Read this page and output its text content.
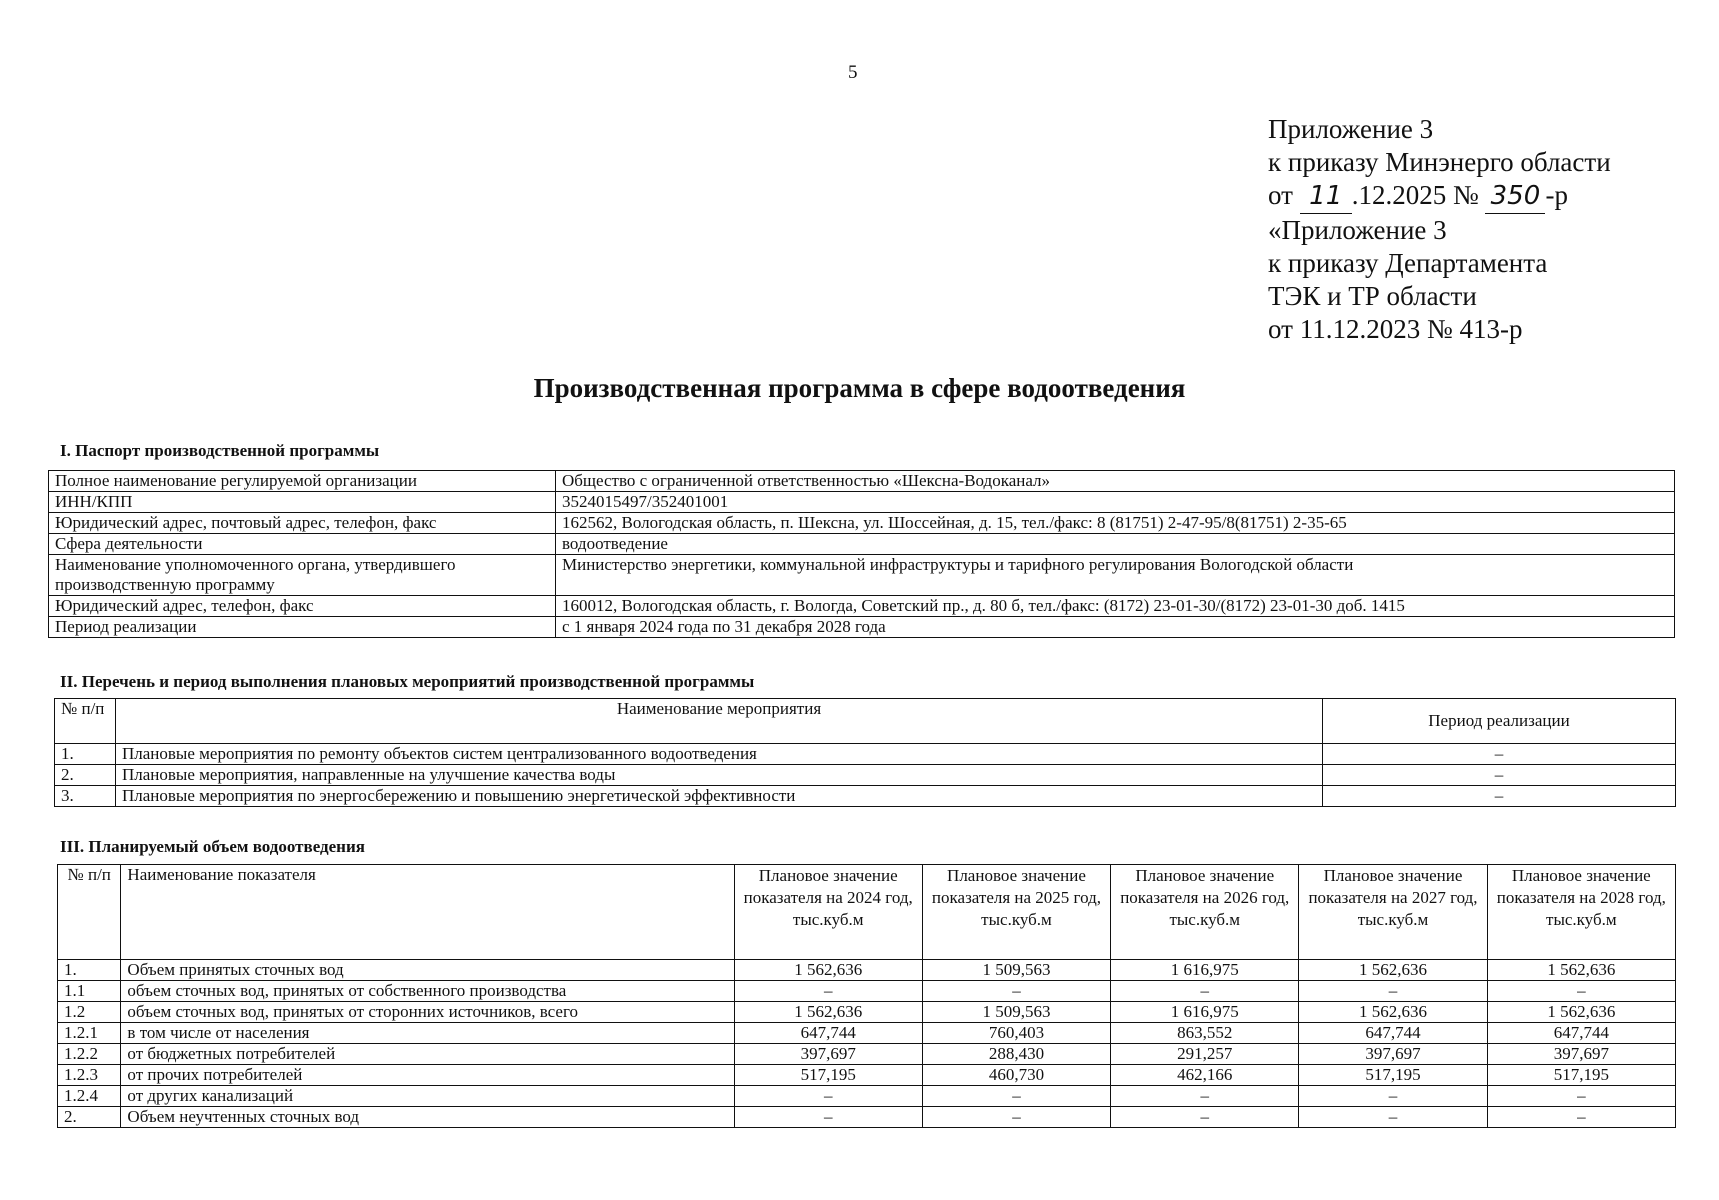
5
Приложение 3
к приказу Минэнерго области
от 11 .12.2025 № 350 -р
«Приложение 3
к приказу Департамента
ТЭК и ТР области
от 11.12.2023 № 413-р
Производственная программа в сфере водоотведения
I. Паспорт производственной программы
Полное наименование регулируемой организации	Общество с ограниченной ответственностью «Шексна-Водоканал»
ИНН/КПП	3524015497/352401001
Юридический адрес, почтовый адрес, телефон, факс	162562, Вологодская область, п. Шексна, ул. Шоссейная, д. 15, тел./факс: 8 (81751) 2-47-95/8(81751) 2-35-65
Сфера деятельности	водоотведение
Наименование уполномоченного органа, утвердившего производственную программу	Министерство энергетики, коммунальной инфраструктуры и тарифного регулирования Вологодской области
Юридический адрес, телефон, факс	160012, Вологодская область, г. Вологда, Советский пр., д. 80 б, тел./факс: (8172) 23-01-30/(8172) 23-01-30 доб. 1415
Период реализации	с 1 января 2024 года по 31 декабря 2028 года
II. Перечень и период выполнения плановых мероприятий производственной программы
№ п/п	Наименование мероприятия	Период реализации
1.	Плановые мероприятия по ремонту объектов систем централизованного водоотведения	–
2.	Плановые мероприятия, направленные на улучшение качества воды	–
3.	Плановые мероприятия по энергосбережению и повышению энергетической эффективности	–
III. Планируемый объем водоотведения
№ п/п	Наименование показателя	Плановое значение показателя на 2024 год, тыс.куб.м	Плановое значение показателя на 2025 год, тыс.куб.м	Плановое значение показателя на 2026 год, тыс.куб.м	Плановое значение показателя на 2027 год, тыс.куб.м	Плановое значение показателя на 2028 год, тыс.куб.м
1.	Объем принятых сточных вод	1 562,636	1 509,563	1 616,975	1 562,636	1 562,636
1.1	объем сточных вод, принятых от собственного производства	–	–	–	–	–
1.2	объем сточных вод, принятых от сторонних источников, всего	1 562,636	1 509,563	1 616,975	1 562,636	1 562,636
1.2.1	в том числе от населения	647,744	760,403	863,552	647,744	647,744
1.2.2	от бюджетных потребителей	397,697	288,430	291,257	397,697	397,697
1.2.3	от прочих потребителей	517,195	460,730	462,166	517,195	517,195
1.2.4	от других канализаций	–	–	–	–	–
2.	Объем неучтенных сточных вод	–	–	–	–	–
